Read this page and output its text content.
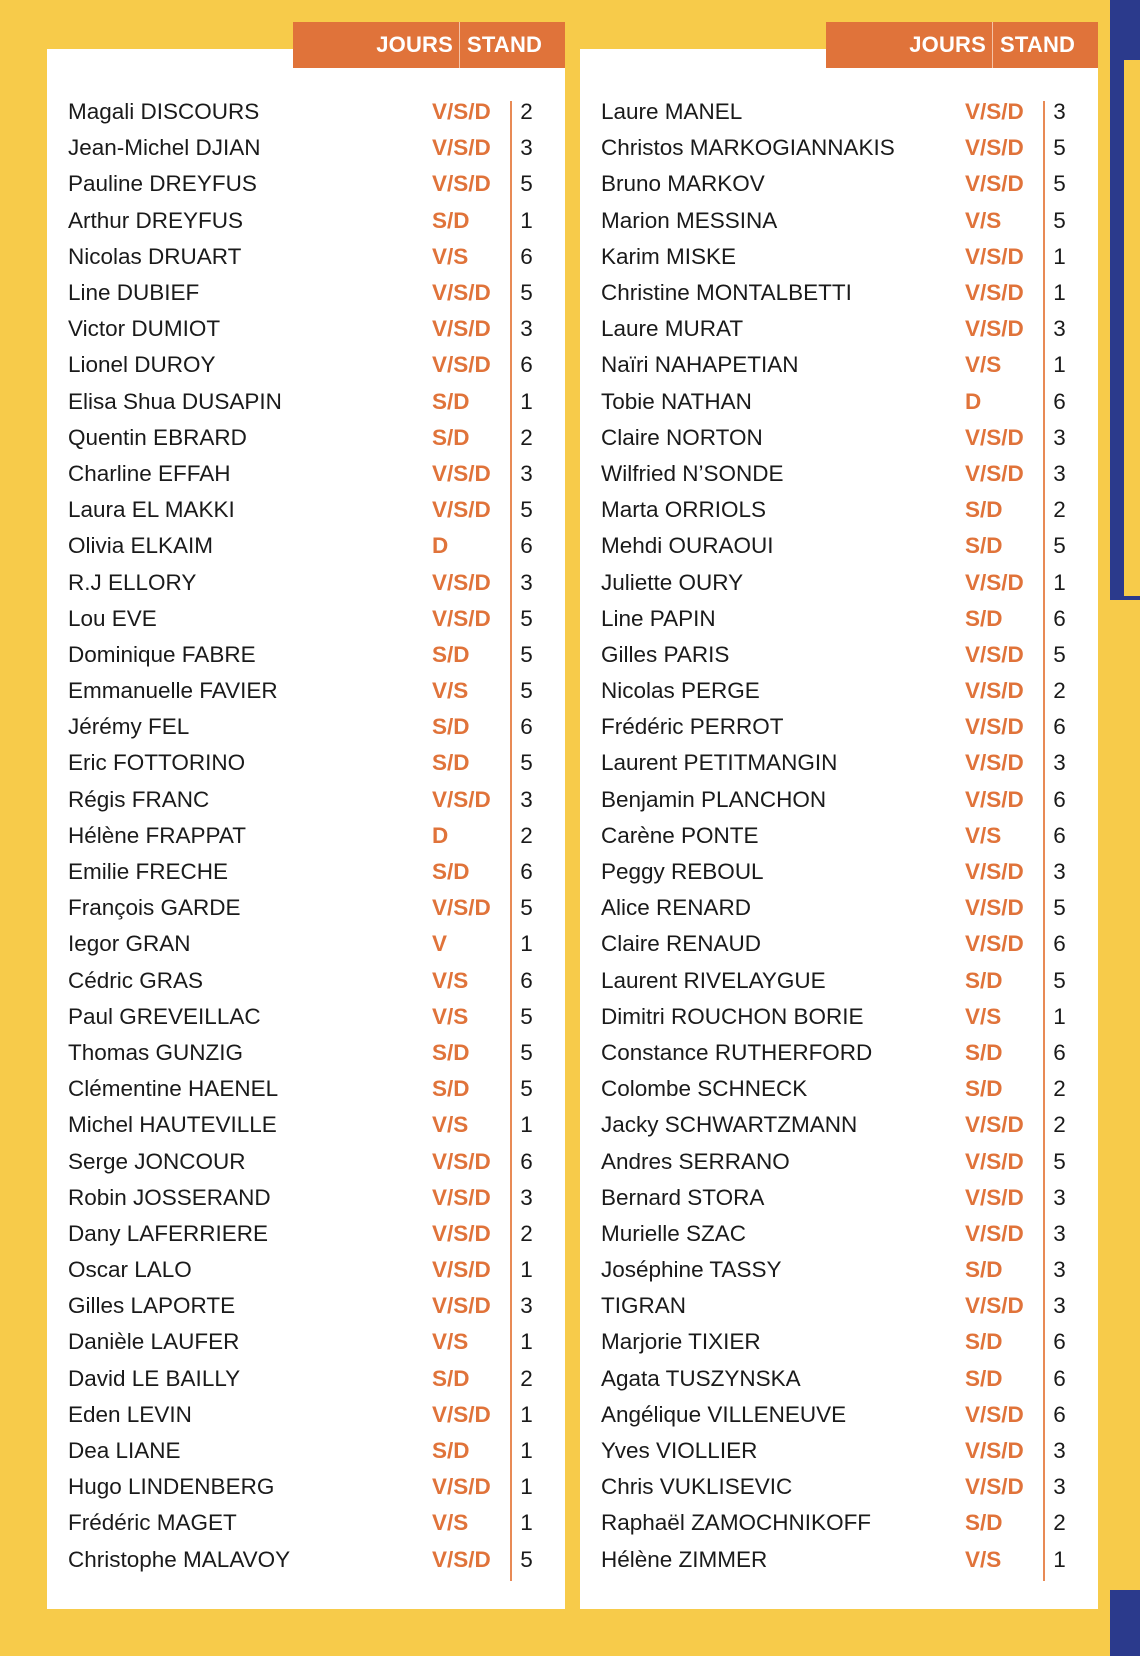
JOURS STAND
Magali DISCOURS	V/S/D	2
Jean-Michel DJIAN	V/S/D	3
Pauline DREYFUS	V/S/D	5
Arthur DREYFUS	S/D	1
Nicolas DRUART	V/S	6
Line DUBIEF	V/S/D	5
Victor DUMIOT	V/S/D	3
Lionel DUROY	V/S/D	6
Elisa Shua DUSAPIN	S/D	1
Quentin EBRARD	S/D	2
Charline EFFAH	V/S/D	3
Laura EL MAKKI	V/S/D	5
Olivia ELKAIM	D	6
R.J ELLORY	V/S/D	3
Lou EVE	V/S/D	5
Dominique FABRE	S/D	5
Emmanuelle FAVIER	V/S	5
Jérémy FEL	S/D	6
Eric FOTTORINO	S/D	5
Régis FRANC	V/S/D	3
Hélène FRAPPAT	D	2
Emilie FRECHE	S/D	6
François GARDE	V/S/D	5
Iegor GRAN	V	1
Cédric GRAS	V/S	6
Paul GREVEILLAC	V/S	5
Thomas GUNZIG	S/D	5
Clémentine HAENEL	S/D	5
Michel HAUTEVILLE	V/S	1
Serge JONCOUR	V/S/D	6
Robin JOSSERAND	V/S/D	3
Dany LAFERRIERE	V/S/D	2
Oscar LALO	V/S/D	1
Gilles LAPORTE	V/S/D	3
Danièle LAUFER	V/S	1
David LE BAILLY	S/D	2
Eden LEVIN	V/S/D	1
Dea LIANE	S/D	1
Hugo LINDENBERG	V/S/D	1
Frédéric MAGET	V/S	1
Christophe MALAVOY	V/S/D	5
JOURS STAND
Laure MANEL	V/S/D	3
Christos MARKOGIANNAKIS	V/S/D	5
Bruno MARKOV	V/S/D	5
Marion MESSINA	V/S	5
Karim MISKE	V/S/D	1
Christine MONTALBETTI	V/S/D	1
Laure MURAT	V/S/D	3
Naïri NAHAPETIAN	V/S	1
Tobie NATHAN	D	6
Claire NORTON	V/S/D	3
Wilfried N’SONDE	V/S/D	3
Marta ORRIOLS	S/D	2
Mehdi OURAOUI	S/D	5
Juliette OURY	V/S/D	1
Line PAPIN	S/D	6
Gilles PARIS	V/S/D	5
Nicolas PERGE	V/S/D	2
Frédéric PERROT	V/S/D	6
Laurent PETITMANGIN	V/S/D	3
Benjamin PLANCHON	V/S/D	6
Carène PONTE	V/S	6
Peggy REBOUL	V/S/D	3
Alice RENARD	V/S/D	5
Claire RENAUD	V/S/D	6
Laurent RIVELAYGUE	S/D	5
Dimitri ROUCHON BORIE	V/S	1
Constance RUTHERFORD	S/D	6
Colombe SCHNECK	S/D	2
Jacky SCHWARTZMANN	V/S/D	2
Andres SERRANO	V/S/D	5
Bernard STORA	V/S/D	3
Murielle SZAC	V/S/D	3
Joséphine TASSY	S/D	3
TIGRAN	V/S/D	3
Marjorie TIXIER	S/D	6
Agata TUSZYNSKA	S/D	6
Angélique VILLENEUVE	V/S/D	6
Yves VIOLLIER	V/S/D	3
Chris VUKLISEVIC	V/S/D	3
Raphaël ZAMOCHNIKOFF	S/D	2
Hélène ZIMMER	V/S	1
